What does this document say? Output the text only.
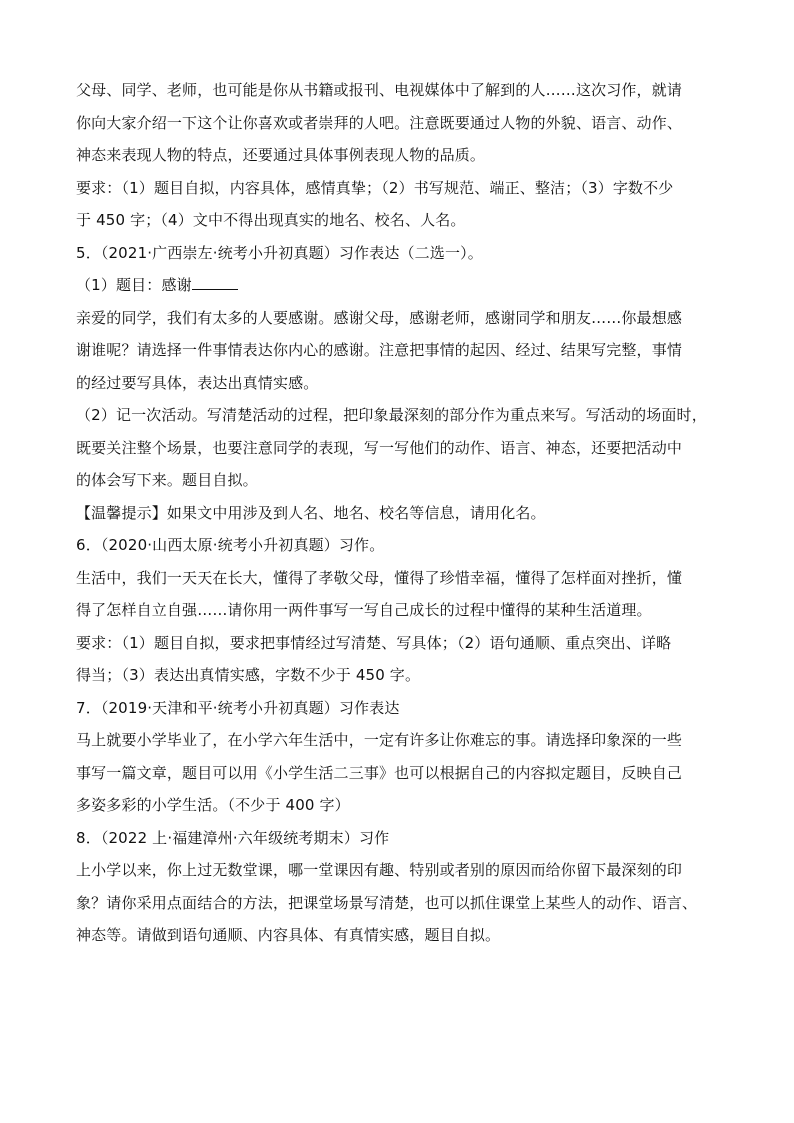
父母、同学、老师，也可能是你从书籍或报刊、电视媒体中了解到的人……这次习作，就请
你向大家介绍一下这个让你喜欢或者崇拜的人吧。注意既要通过人物的外貌、语言、动作、
神态来表现人物的特点，还要通过具体事例表现人物的品质。
要求：（1）题目自拟，内容具体，感情真挚；（2）书写规范、端正、整洁；（3）字数不少
于 450 字；（4）文中不得出现真实的地名、校名、人名。
5．（2021·广西崇左·统考小升初真题）习作表达（二选一）。
（1）题目：感谢
亲爱的同学，我们有太多的人要感谢。感谢父母，感谢老师，感谢同学和朋友……你最想感
谢谁呢？请选择一件事情表达你内心的感谢。注意把事情的起因、经过、结果写完整，事情
的经过要写具体，表达出真情实感。
（2）记一次活动。写清楚活动的过程，把印象最深刻的部分作为重点来写。写活动的场面时，
既要关注整个场景，也要注意同学的表现，写一写他们的动作、语言、神态，还要把活动中
的体会写下来。题目自拟。
【温馨提示】如果文中用涉及到人名、地名、校名等信息，请用化名。
6．（2020·山西太原·统考小升初真题）习作。
生活中，我们一天天在长大，懂得了孝敬父母，懂得了珍惜幸福，懂得了怎样面对挫折，懂
得了怎样自立自强……请你用一两件事写一写自己成长的过程中懂得的某种生活道理。
要求：（1）题目自拟，要求把事情经过写清楚、写具体；（2）语句通顺、重点突出、详略
得当；（3）表达出真情实感，字数不少于 450 字。
7．（2019·天津和平·统考小升初真题）习作表达
马上就要小学毕业了，在小学六年生活中，一定有许多让你难忘的事。请选择印象深的一些
事写一篇文章，题目可以用《小学生活二三事》也可以根据自己的内容拟定题目，反映自己
多姿多彩的小学生活。（不少于 400 字）
8．（2022 上·福建漳州·六年级统考期末）习作
上小学以来，你上过无数堂课，哪一堂课因有趣、特别或者别的原因而给你留下最深刻的印
象？请你采用点面结合的方法，把课堂场景写清楚，也可以抓住课堂上某些人的动作、语言、
神态等。请做到语句通顺、内容具体、有真情实感，题目自拟。
